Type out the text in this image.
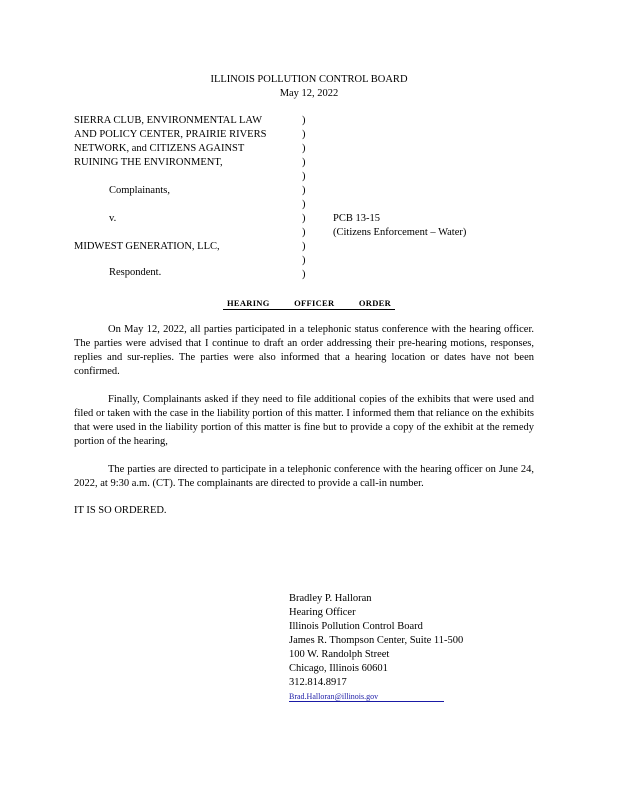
ILLINOIS POLLUTION CONTROL BOARD
May 12, 2022
SIERRA CLUB, ENVIRONMENTAL LAW
AND POLICY CENTER, PRAIRIE RIVERS
NETWORK, and CITIZENS AGAINST
RUINING THE ENVIRONMENT,
Complainants,
v.
MIDWEST GENERATION, LLC,
Respondent.
)
)
)
)
)
)
)
)
)
)
)
)
PCB 13-15
(Citizens Enforcement – Water)
HEARING OFFICER ORDER
On May 12, 2022, all parties participated in a telephonic status conference with the hearing officer. The parties were advised that I continue to draft an order addressing their pre-hearing motions, responses, replies and sur-replies. The parties were also informed that a hearing location or dates have not been confirmed.
Finally, Complainants asked if they need to file additional copies of the exhibits that were used and filed or taken with the case in the liability portion of this matter. I informed them that reliance on the exhibits that were used in the liability portion of this matter is fine but to provide a copy of the exhibit at the remedy portion of the hearing,
The parties are directed to participate in a telephonic conference with the hearing officer on June 24, 2022, at 9:30 a.m. (CT). The complainants are directed to provide a call-in number.
IT IS SO ORDERED.
Bradley P. Halloran
Hearing Officer
Illinois Pollution Control Board
James R. Thompson Center, Suite 11-500
100 W. Randolph Street
Chicago, Illinois 60601
312.814.8917
Brad.Halloran@illinois.gov
